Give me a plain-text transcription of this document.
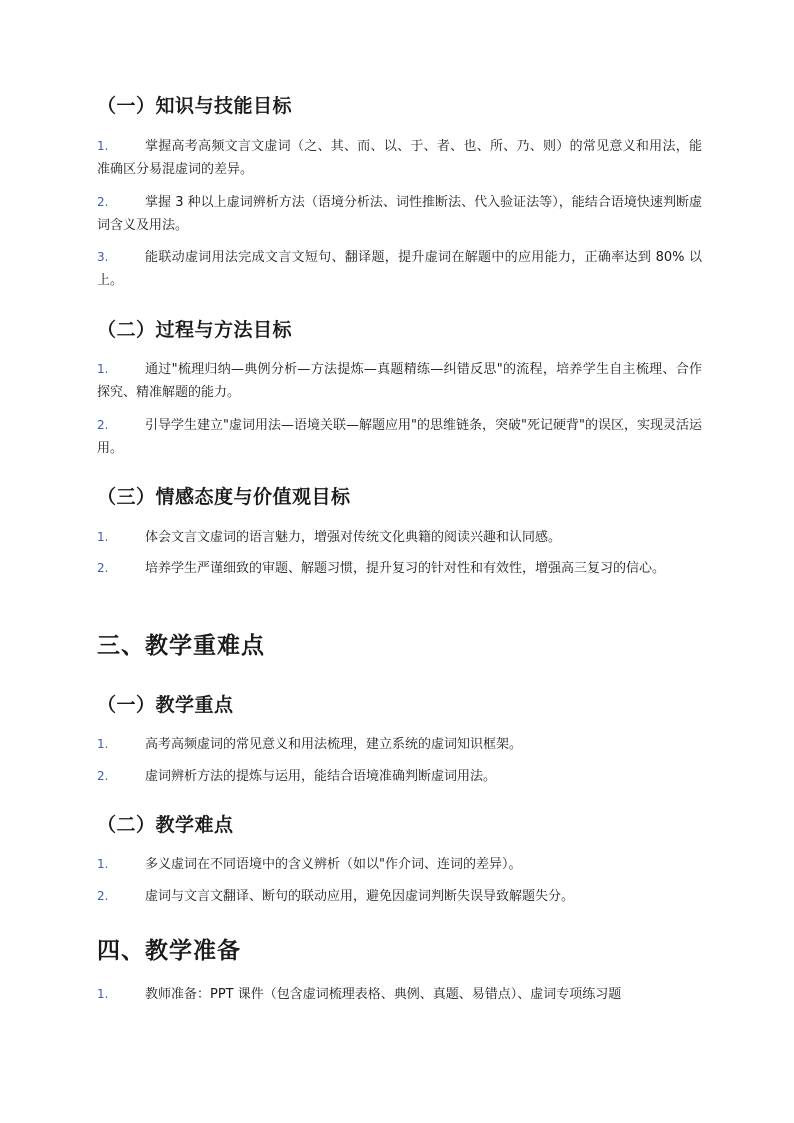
（一）知识与技能目标
1.	掌握高考高频文言文虚词（之、其、而、以、于、者、也、所、乃、则）的常见意义和用法，能准确区分易混虚词的差异。
2.	掌握 3 种以上虚词辨析方法（语境分析法、词性推断法、代入验证法等），能结合语境快速判断虚词含义及用法。
3.	能联动虚词用法完成文言文短句、翻译题，提升虚词在解题中的应用能力，正确率达到 80% 以上。
（二）过程与方法目标
1.	通过"梳理归纳—典例分析—方法提炼—真题精练—纠错反思"的流程，培养学生自主梳理、合作探究、精准解题的能力。
2.	引导学生建立"虚词用法—语境关联—解题应用"的思维链条，突破"死记硬背"的误区，实现灵活运用。
（三）情感态度与价值观目标
1.	体会文言文虚词的语言魅力，增强对传统文化典籍的阅读兴趣和认同感。
2.	培养学生严谨细致的审题、解题习惯，提升复习的针对性和有效性，增强高三复习的信心。
三、教学重难点
（一）教学重点
1.	高考高频虚词的常见意义和用法梳理，建立系统的虚词知识框架。
2.	虚词辨析方法的提炼与运用，能结合语境准确判断虚词用法。
（二）教学难点
1.	多义虚词在不同语境中的含义辨析（如以"作介词、连词的差异）。
2.	虚词与文言文翻译、断句的联动应用，避免因虚词判断失误导致解题失分。
四、教学准备
1.	教师准备：PPT 课件（包含虚词梳理表格、典例、真题、易错点）、虚词专项练习题
